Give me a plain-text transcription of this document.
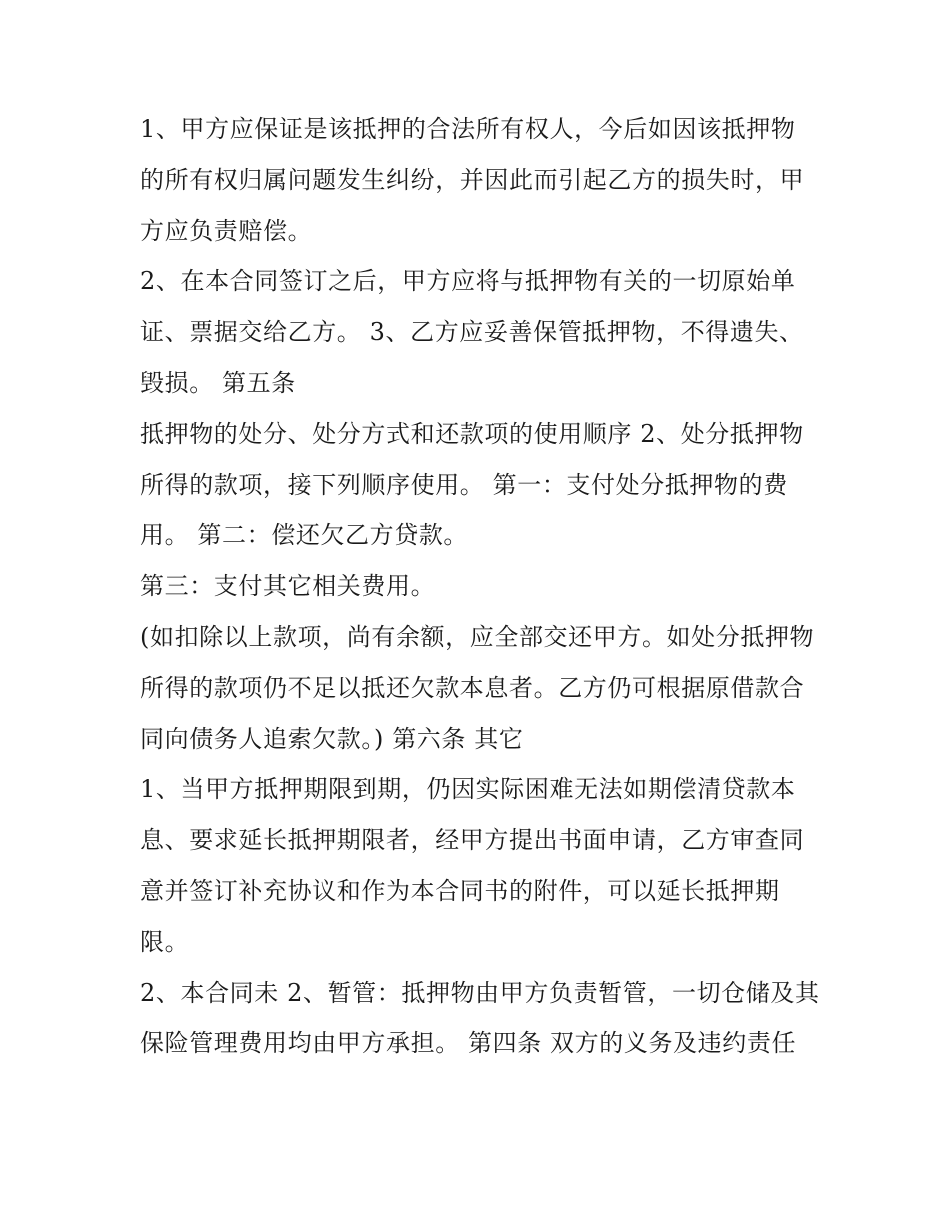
1、甲方应保证是该抵押的合法所有权人，今后如因该抵押物的所有权归属问题发生纠纷，并因此而引起乙方的损失时，甲方应负责赔偿。

2、在本合同签订之后，甲方应将与抵押物有关的一切原始单证、票据交给乙方。 3、乙方应妥善保管抵押物，不得遗失、毁损。 第五条

抵押物的处分、处分方式和还款项的使用顺序 2、处分抵押物所得的款项，接下列顺序使用。 第一：支付处分抵押物的费用。 第二：偿还欠乙方贷款。

第三：支付其它相关费用。

(如扣除以上款项，尚有余额，应全部交还甲方。如处分抵押物所得的款项仍不足以抵还欠款本息者。乙方仍可根据原借款合同向债务人追索欠款。) 第六条 其它

1、当甲方抵押期限到期，仍因实际困难无法如期偿清贷款本息、要求延长抵押期限者，经甲方提出书面申请，乙方审查同意并签订补充协议和作为本合同书的附件，可以延长抵押期限。

2、本合同未 2、暂管：抵押物由甲方负责暂管，一切仓储及其保险管理费用均由甲方承担。 第四条 双方的义务及违约责任
